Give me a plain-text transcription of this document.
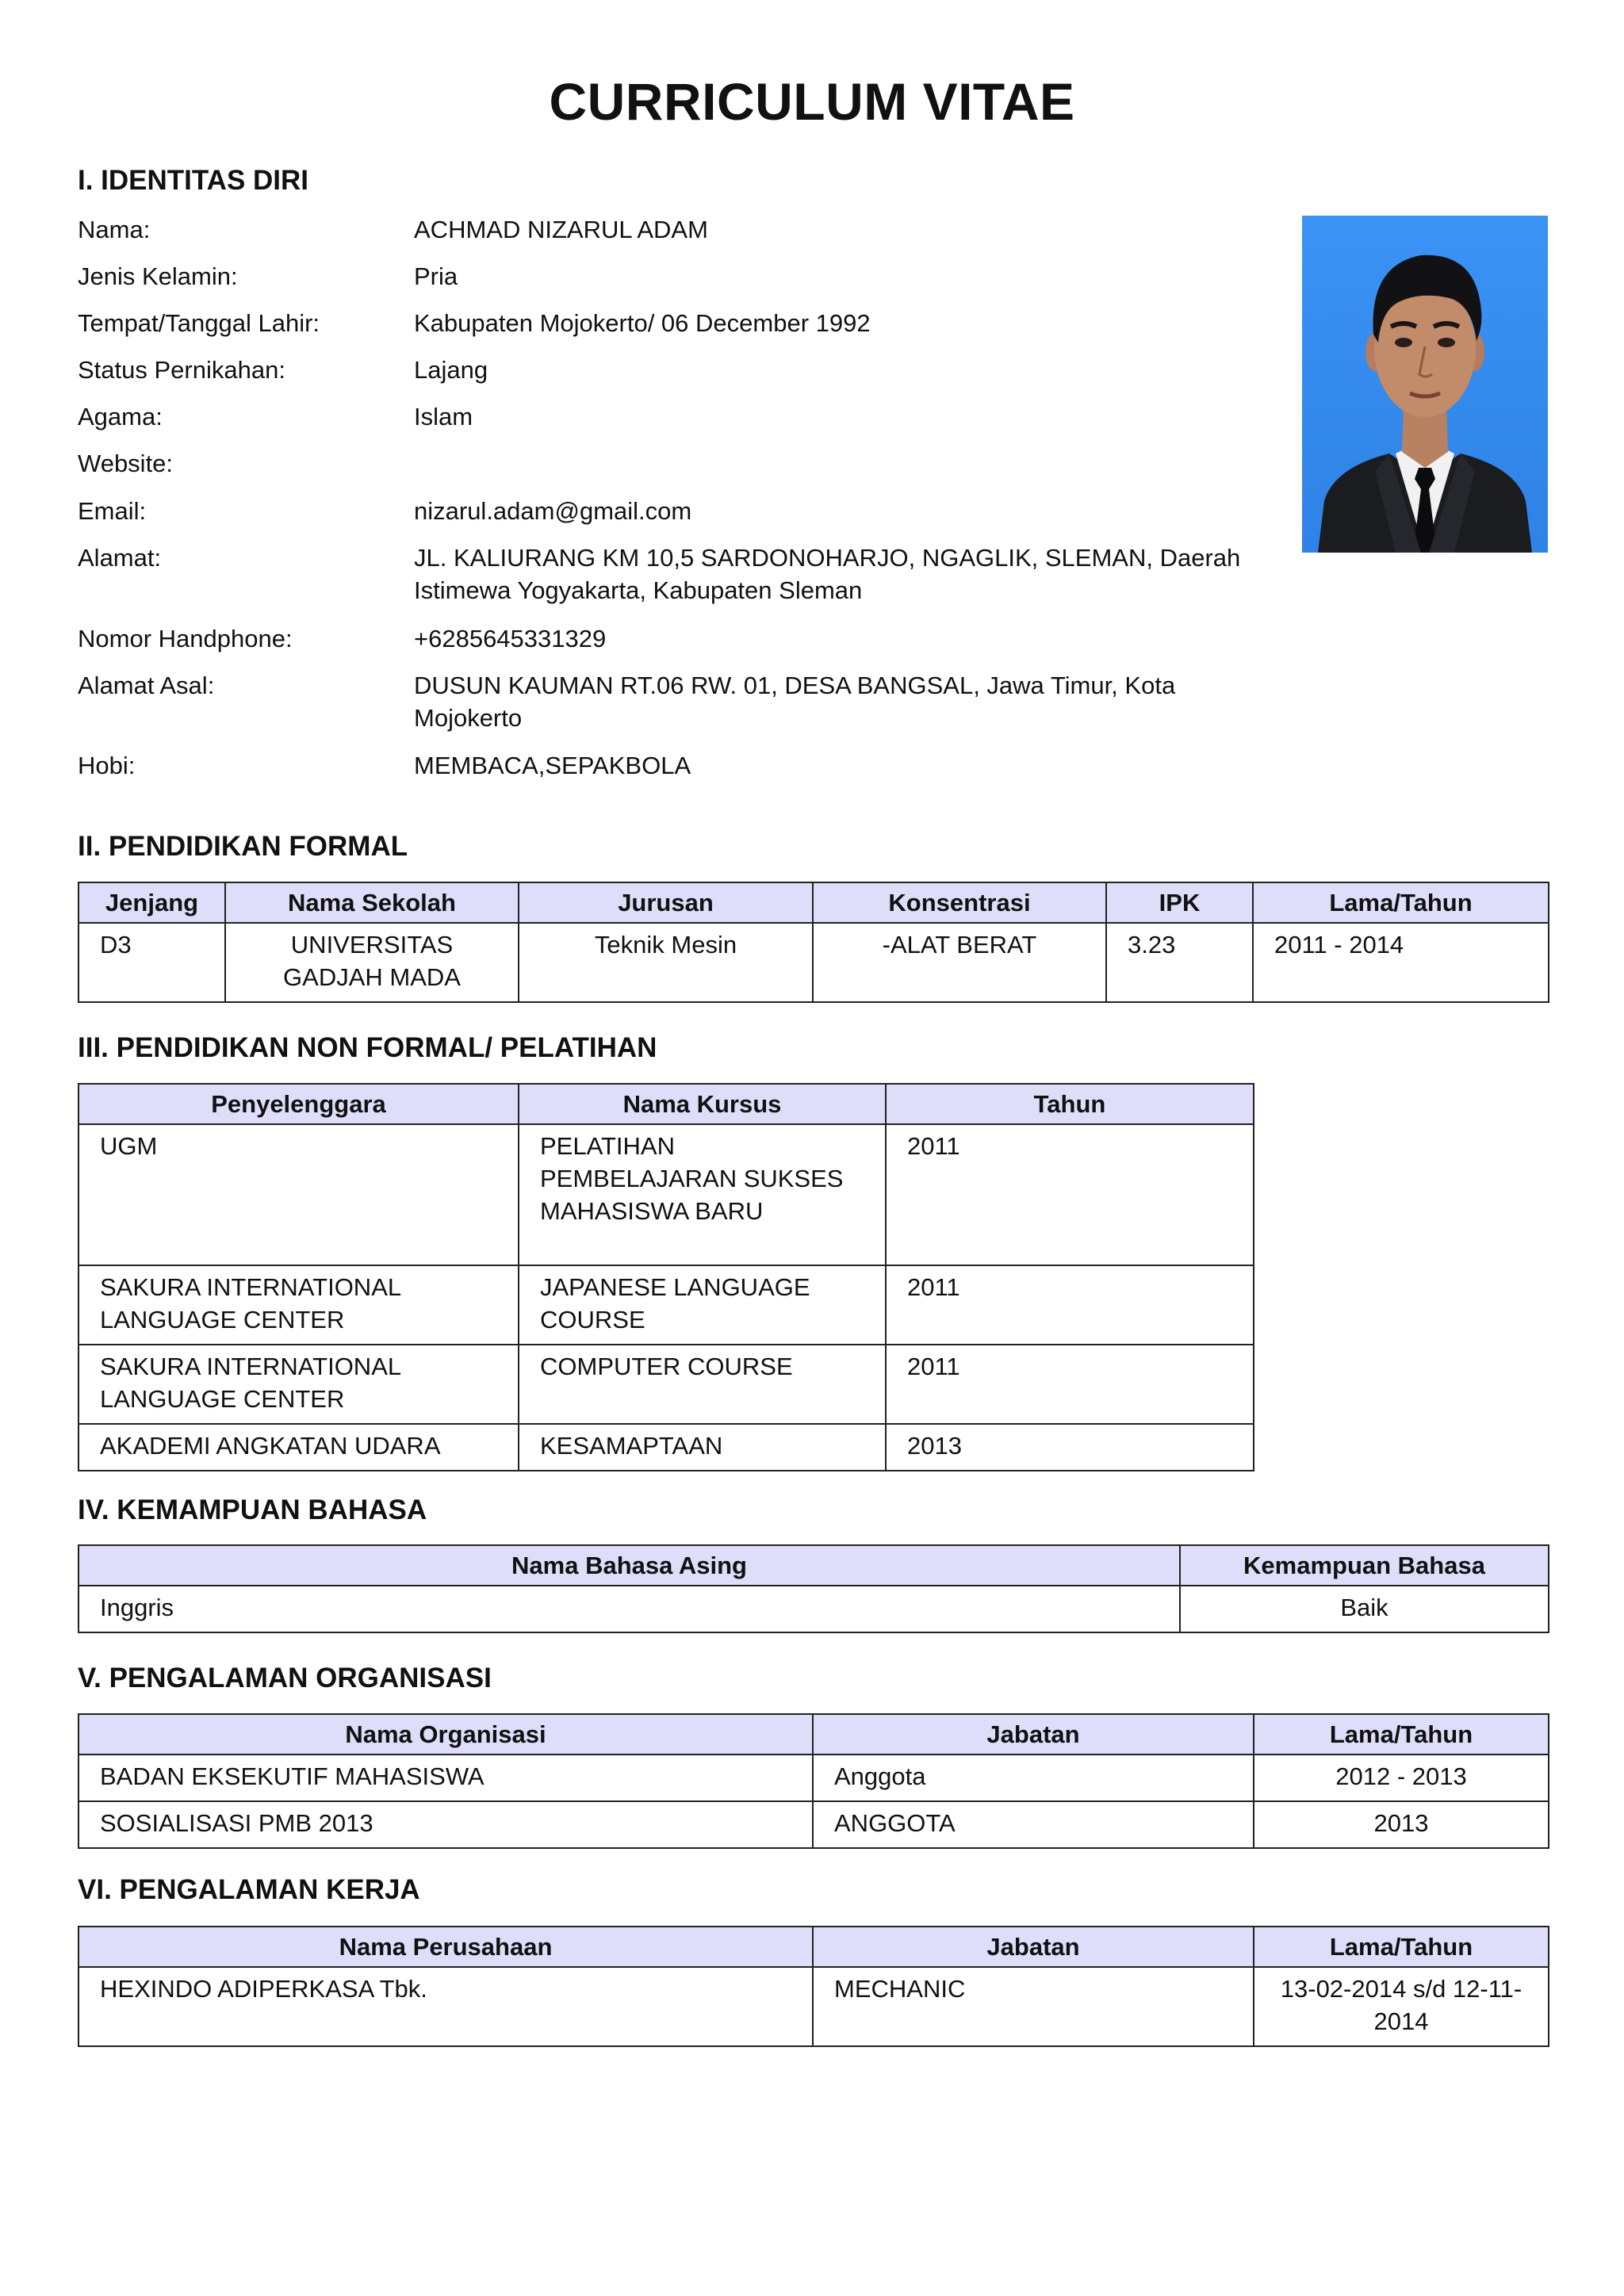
CURRICULUM VITAE
I. IDENTITAS DIRI
Nama:	ACHMAD NIZARUL ADAM
Jenis Kelamin:	Pria
Tempat/Tanggal Lahir:	Kabupaten Mojokerto/ 06 December 1992
Status Pernikahan:	Lajang
Agama:	Islam
Website:
Email:	nizarul.adam@gmail.com
Alamat:	JL. KALIURANG KM 10,5 SARDONOHARJO, NGAGLIK, SLEMAN, Daerah Istimewa Yogyakarta, Kabupaten Sleman
Nomor Handphone:	+6285645331329
Alamat Asal:	DUSUN KAUMAN RT.06 RW. 01, DESA BANGSAL, Jawa Timur, Kota Mojokerto
Hobi:	MEMBACA,SEPAKBOLA
II. PENDIDIKAN FORMAL
Jenjang	Nama Sekolah	Jurusan	Konsentrasi	IPK	Lama/Tahun
D3	UNIVERSITAS GADJAH MADA	Teknik Mesin	-ALAT BERAT	3.23	2011 - 2014
III. PENDIDIKAN NON FORMAL/ PELATIHAN
Penyelenggara	Nama Kursus	Tahun
UGM	PELATIHAN PEMBELAJARAN SUKSES MAHASISWA BARU	2011
SAKURA INTERNATIONAL LANGUAGE CENTER	JAPANESE LANGUAGE COURSE	2011
SAKURA INTERNATIONAL LANGUAGE CENTER	COMPUTER COURSE	2011
AKADEMI ANGKATAN UDARA	KESAMAPTAAN	2013
IV. KEMAMPUAN BAHASA
Nama Bahasa Asing	Kemampuan Bahasa
Inggris	Baik
V. PENGALAMAN ORGANISASI
Nama Organisasi	Jabatan	Lama/Tahun
BADAN EKSEKUTIF MAHASISWA	Anggota	2012 - 2013
SOSIALISASI PMB 2013	ANGGOTA	2013
VI. PENGALAMAN KERJA
Nama Perusahaan	Jabatan	Lama/Tahun
HEXINDO ADIPERKASA Tbk.	MECHANIC	13-02-2014 s/d 12-11-2014
